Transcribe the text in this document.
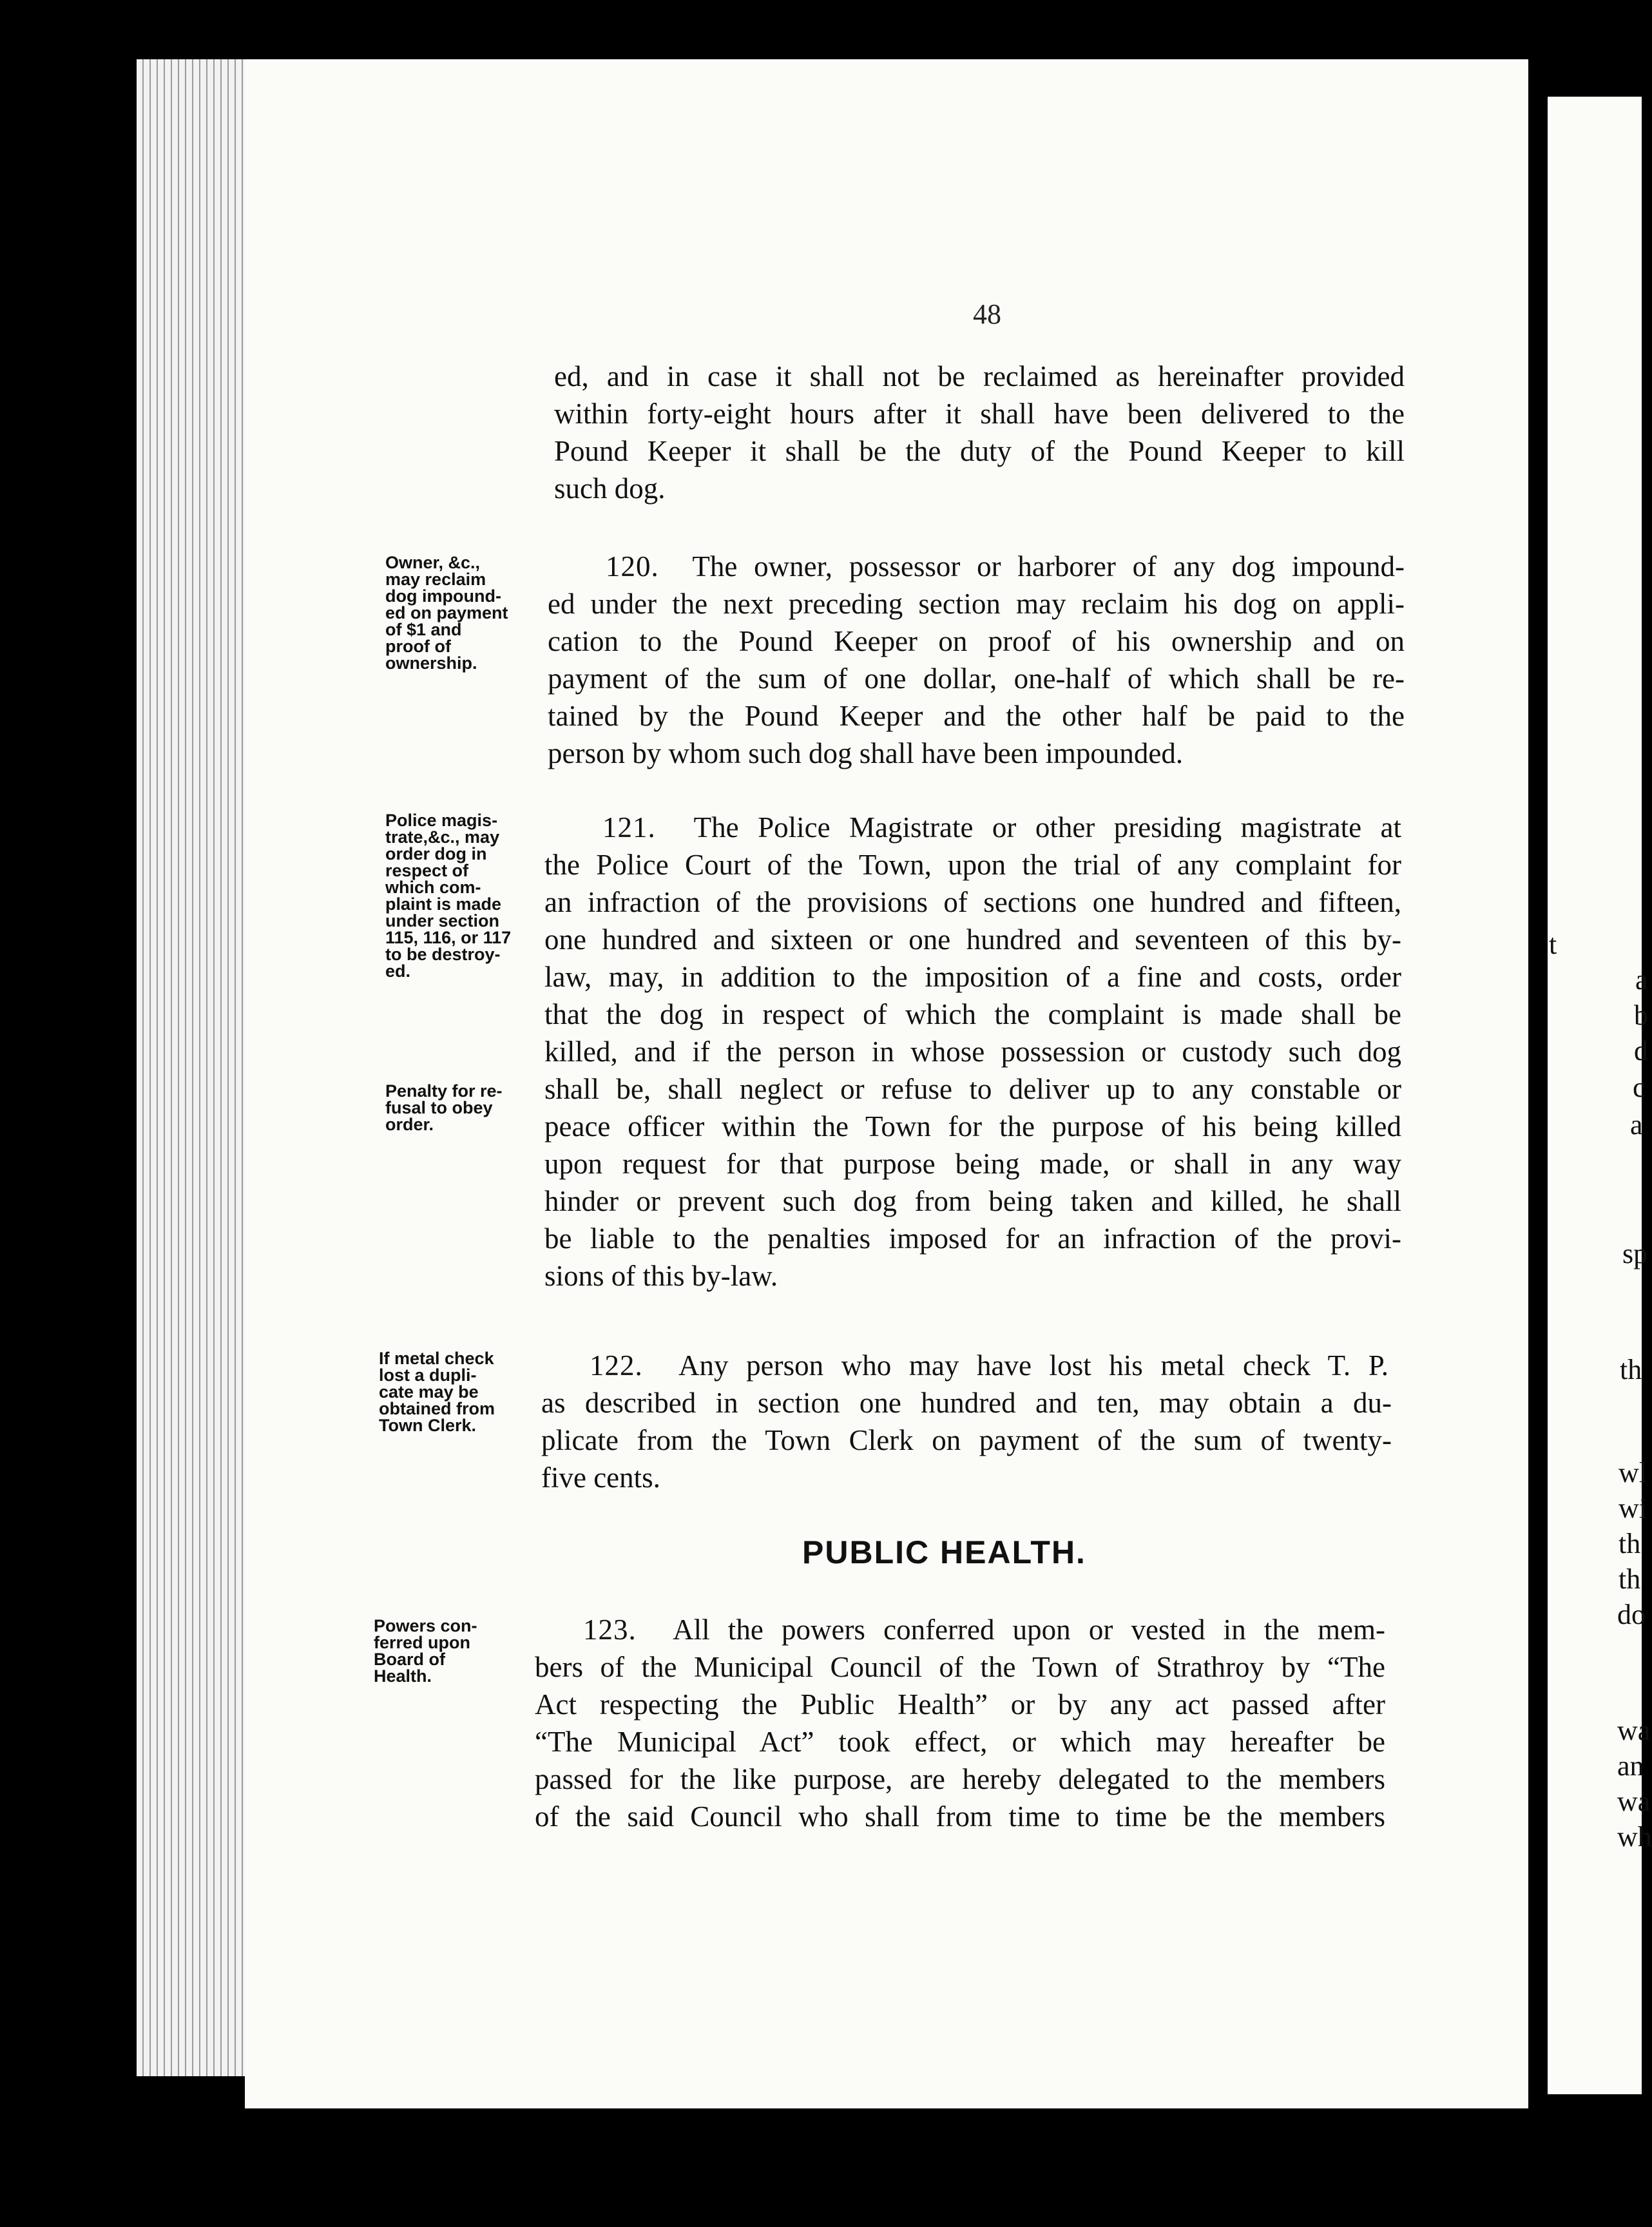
t
a
b
d
c
a
sp
th
wl
wi
th
th
do
wa
an
wa
wh
48
ed, and in case it shall not be reclaimed as hereinafter provided
within forty-eight hours after it shall have been delivered to the
Pound Keeper it shall be the duty of the Pound Keeper to kill
such dog.
Owner, &c.,
may reclaim
dog impound-
ed on payment
of $1 and
proof of
ownership.
120. The owner, possessor or harborer of any dog impound-
ed under the next preceding section may reclaim his dog on appli-
cation to the Pound Keeper on proof of his ownership and on
payment of the sum of one dollar, one-half of which shall be re-
tained by the Pound Keeper and the other half be paid to the
person by whom such dog shall have been impounded.
Police magis-
trate,&c., may
order dog in
respect of
which com-
plaint is made
under section
115, 116, or 117
to be destroy-
ed.
Penalty for re-
fusal to obey
order.
121. The Police Magistrate or other presiding magistrate at
the Police Court of the Town, upon the trial of any complaint for
an infraction of the provisions of sections one hundred and fifteen,
one hundred and sixteen or one hundred and seventeen of this by-
law, may, in addition to the imposition of a fine and costs, order
that the dog in respect of which the complaint is made shall be
killed, and if the person in whose possession or custody such dog
shall be, shall neglect or refuse to deliver up to any constable or
peace officer within the Town for the purpose of his being killed
upon request for that purpose being made, or shall in any way
hinder or prevent such dog from being taken and killed, he shall
be liable to the penalties imposed for an infraction of the provi-
sions of this by-law.
If metal check
lost a dupli-
cate may be
obtained from
Town Clerk.
122. Any person who may have lost his metal check T. P.
as described in section one hundred and ten, may obtain a du-
plicate from the Town Clerk on payment of the sum of twenty-
five cents.
PUBLIC HEALTH.
Powers con-
ferred upon
Board of
Health.
123. All the powers conferred upon or vested in the mem-
bers of the Municipal Council of the Town of Strathroy by “The
Act respecting the Public Health” or by any act passed after
“The Municipal Act” took effect, or which may hereafter be
passed for the like purpose, are hereby delegated to the members
of the said Council who shall from time to time be the members
